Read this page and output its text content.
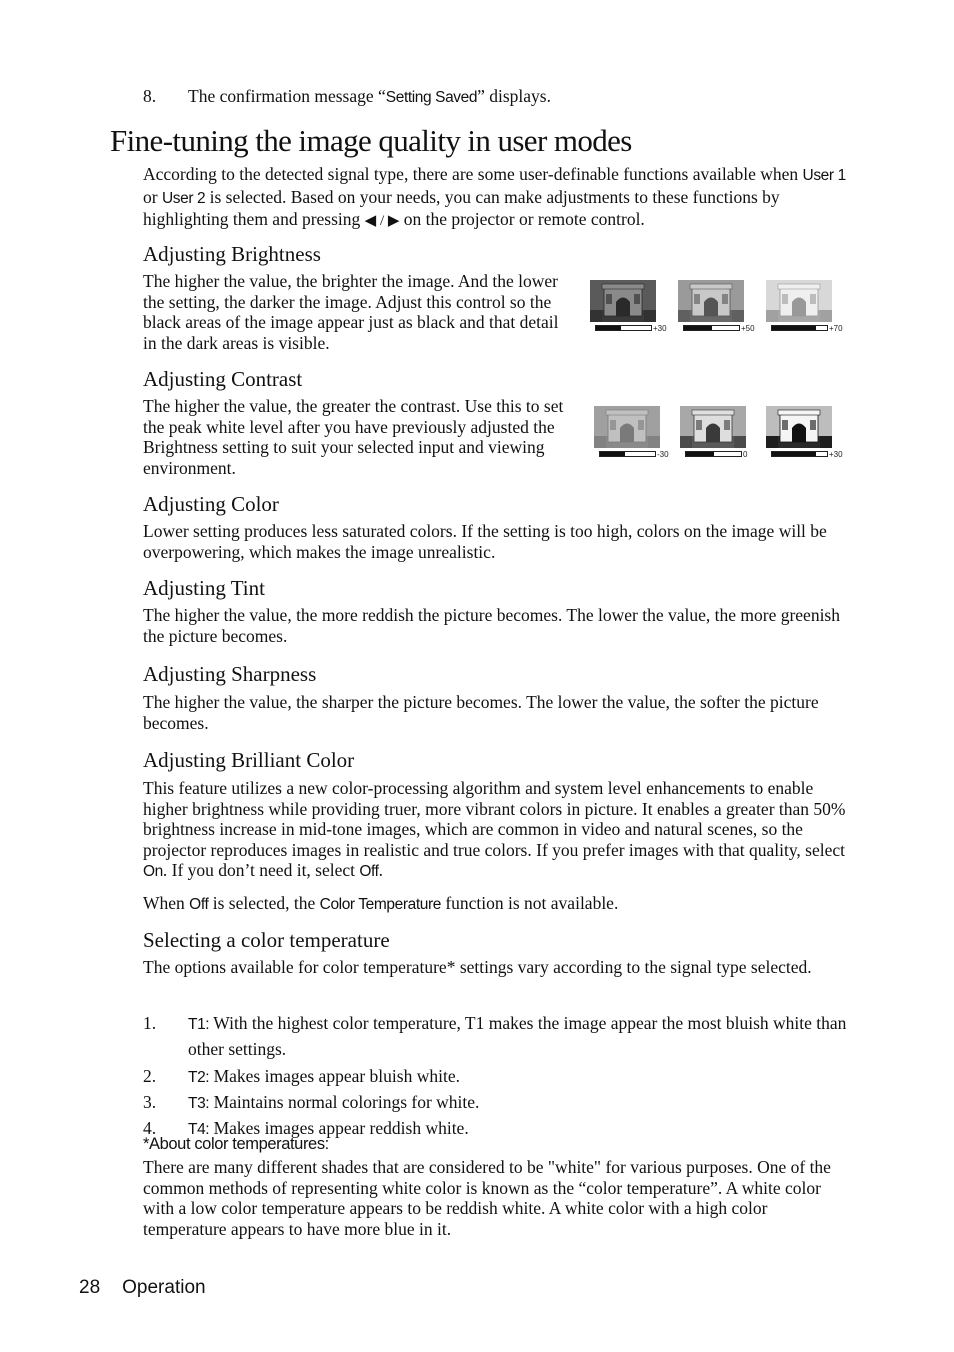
8. The confirmation message “Setting Saved” displays.

Fine-tuning the image quality in user modes

According to the detected signal type, there are some user-definable functions available when User 1 or User 2 is selected. Based on your needs, you can make adjustments to these functions by highlighting them and pressing ◀ / ▶ on the projector or remote control.

Adjusting Brightness

The higher the value, the brighter the image. And the lower the setting, the darker the image. Adjust this control so the black areas of the image appear just as black and that detail in the dark areas is visible.

+30	+50	+70
Adjusting Contrast

The higher the value, the greater the contrast. Use this to set the peak white level after you have previously adjusted the Brightness setting to suit your selected input and viewing environment.

-30	0	+30
Adjusting Color

Lower setting produces less saturated colors. If the setting is too high, colors on the image will be overpowering, which makes the image unrealistic.

Adjusting Tint

The higher the value, the more reddish the picture becomes. The lower the value, the more greenish the picture becomes.

Adjusting Sharpness

The higher the value, the sharper the picture becomes. The lower the value, the softer the picture becomes.

Adjusting Brilliant Color

This feature utilizes a new color-processing algorithm and system level enhancements to enable higher brightness while providing truer, more vibrant colors in picture. It enables a greater than 50% brightness increase in mid-tone images, which are common in video and natural scenes, so the projector reproduces images in realistic and true colors. If you prefer images with that quality, select On. If you don’t need it, select Off.

When Off is selected, the Color Temperature function is not available.

Selecting a color temperature

The options available for color temperature* settings vary according to the signal type selected.

1.	T1: With the highest color temperature, T1 makes the image appear the most bluish white than other settings.
2.	T2: Makes images appear bluish white.
3.	T3: Maintains normal colorings for white.
4.	T4: Makes images appear reddish white.

*About color temperatures:

There are many different shades that are considered to be "white" for various purposes. One of the common methods of representing white color is known as the “color temperature”. A white color with a low color temperature appears to be reddish white. A white color with a high color temperature appears to have more blue in it.

28 Operation
